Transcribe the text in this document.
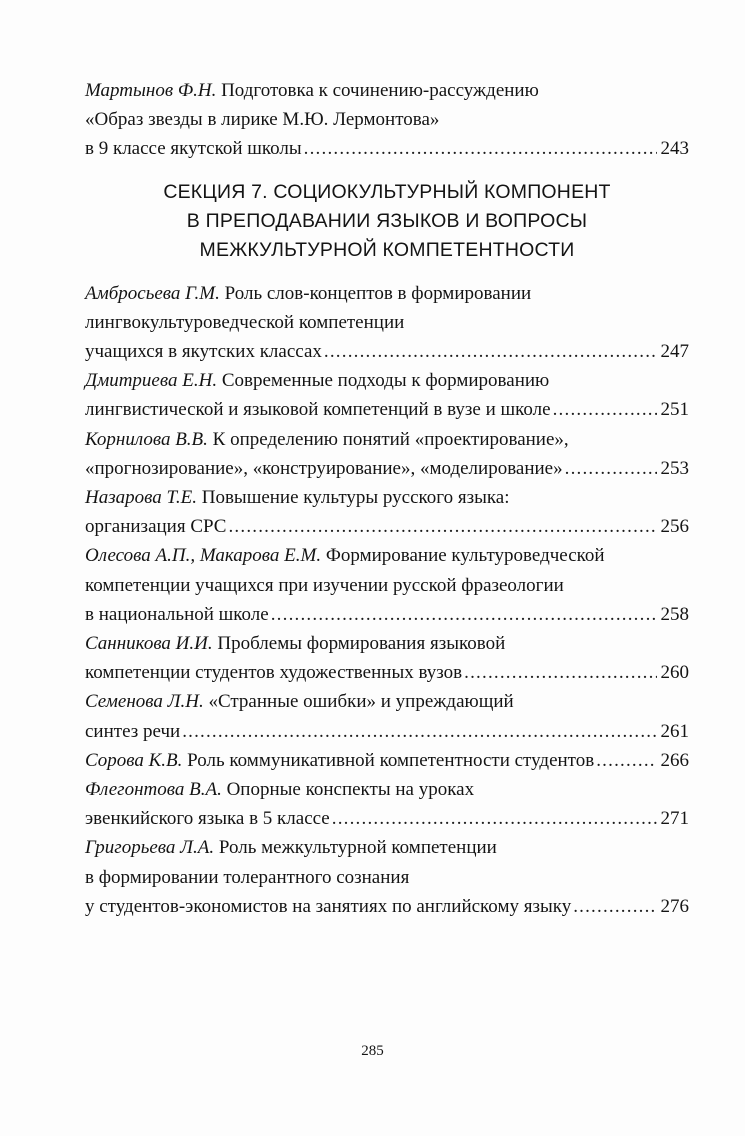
Мартынов Ф.Н. Подготовка к сочинению-рассуждению
«Образ звезды в лирике М.Ю. Лермонтова»
в 9 классе якутской школы .....	243
СЕКЦИЯ 7. СОЦИОКУЛЬТУРНЫЙ КОМПОНЕНТ
В ПРЕПОДАВАНИИ ЯЗЫКОВ И ВОПРОСЫ
МЕЖКУЛЬТУРНОЙ КОМПЕТЕНТНОСТИ
Амбросьева Г.М. Роль слов-концептов в формировании
лингвокультуроведческой компетенции
учащихся в якутских классах .....	247
Дмитриева Е.Н. Современные подходы к формированию
лингвистической и языковой компетенций в вузе и школе .....	251
Корнилова В.В. К определению понятий «проектирование»,
«прогнозирование», «конструирование», «моделирование» .....	253
Назарова Т.Е. Повышение культуры русского языка:
организация СРС .....	256
Олесова А.П., Макарова Е.М. Формирование культуроведческой
компетенции учащихся при изучении русской фразеологии
в национальной школе .....	258
Санникова И.И. Проблемы формирования языковой
компетенции студентов художественных вузов .....	260
Семенова Л.Н. «Странные ошибки» и упреждающий
синтез речи .....	261
Сорова К.В. Роль коммуникативной компетентности студентов .....	266
Флегонтова В.А. Опорные конспекты на уроках
эвенкийского языка в 5 классе .....	271
Григорьева Л.А. Роль межкультурной компетенции
в формировании толерантного сознания
у студентов-экономистов на занятиях по английскому языку .....	276
285
